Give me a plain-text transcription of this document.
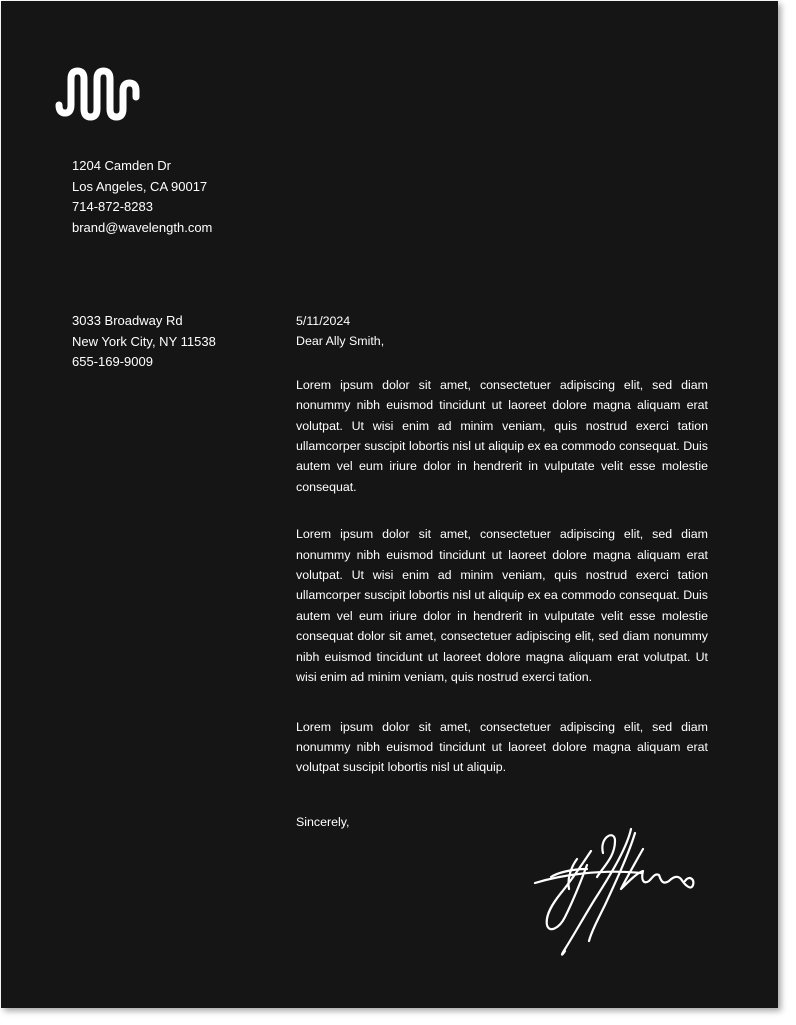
1204 Camden Dr
Los Angeles, CA 90017
714-872-8283
brand@wavelength.com
3033 Broadway Rd
New York City, NY 11538
655-169-9009
5/11/2024
Dear Ally Smith,

Lorem ipsum dolor sit amet, consectetuer adipiscing elit, sed diam nonummy nibh euismod tincidunt ut laoreet dolore magna aliquam erat volutpat. Ut wisi enim ad minim veniam, quis nostrud exerci tation ullamcorper suscipit lobortis nisl ut aliquip ex ea commodo consequat. Duis autem vel eum iriure dolor in hendrerit in vulputate velit esse molestie consequat.

Lorem ipsum dolor sit amet, consectetuer adipiscing elit, sed diam nonummy nibh euismod tincidunt ut laoreet dolore magna aliquam erat volutpat. Ut wisi enim ad minim veniam, quis nostrud exerci tation ullamcorper suscipit lobortis nisl ut aliquip ex ea commodo consequat. Duis autem vel eum iriure dolor in hendrerit in vulputate velit esse molestie consequat dolor sit amet, consectetuer adipiscing elit, sed diam nonummy nibh euismod tincidunt ut laoreet dolore magna aliquam erat volutpat. Ut wisi enim ad minim veniam, quis nostrud exerci tation.

Lorem ipsum dolor sit amet, consectetuer adipiscing elit, sed diam nonummy nibh euismod tincidunt ut laoreet dolore magna aliquam erat volutpat suscipit lobortis nisl ut aliquip.

Sincerely,
